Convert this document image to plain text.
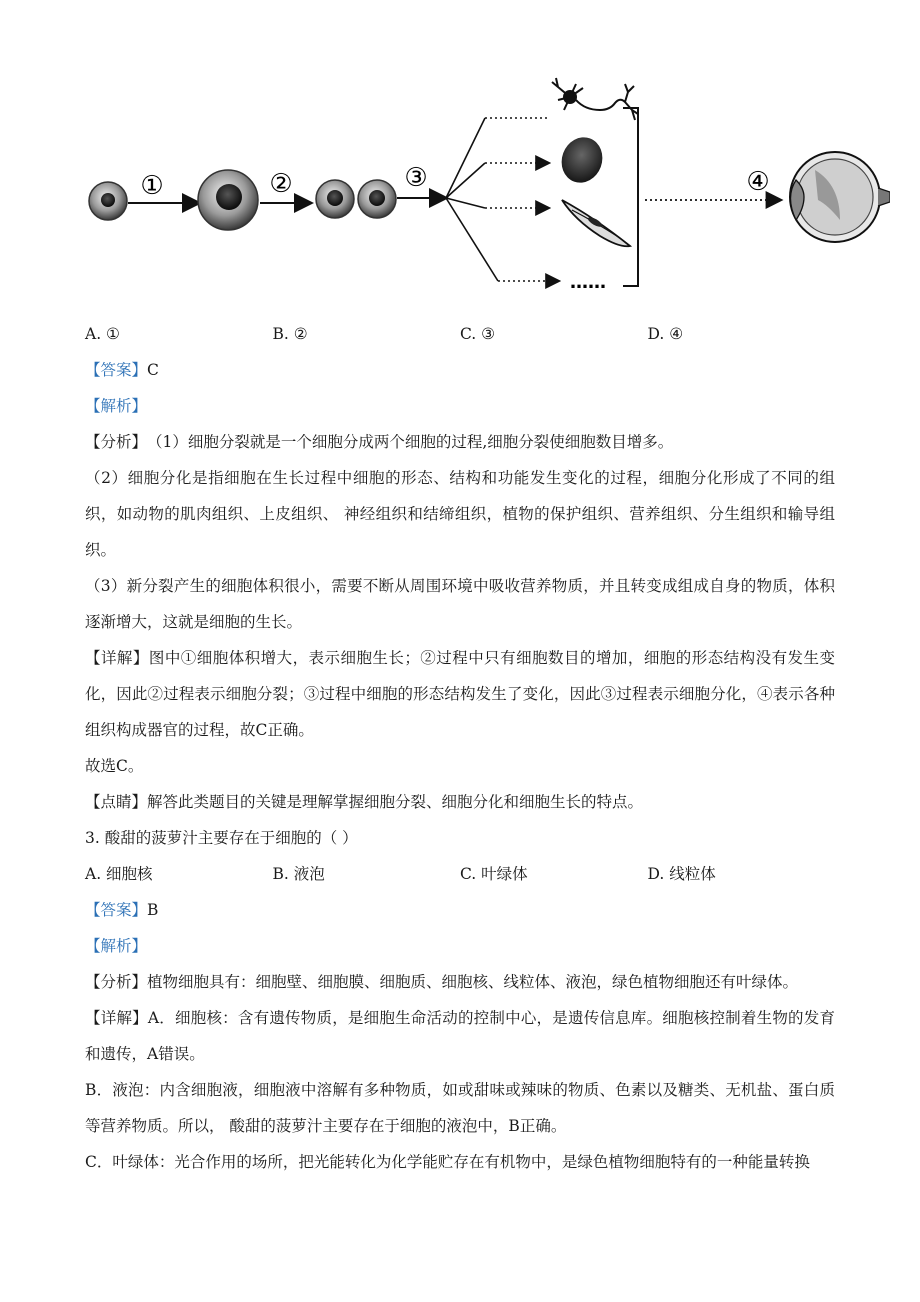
①	②	③
……
④
A. ①	B. ②	C. ③	D. ④
【答案】 C
【解析】
【分析】 （1）细胞分裂就是一个细胞分成两个细胞的过程,细胞分裂使细胞数目增多。

（2）细胞分化是指细胞在生长过程中细胞的形态、结构和功能发生变化的过程，细胞分化形成了不同的组织，如动物的肌肉组织、上皮组织、 神经组织和结缔组织，植物的保护组织、营养组织、分生组织和输导组织。

（3）新分裂产生的细胞体积很小，需要不断从周围环境中吸收营养物质，并且转变成组成自身的物质，体积逐渐增大，这就是细胞的生长。

【详解】图中①细胞体积增大，表示细胞生长；②过程中只有细胞数目的增加，细胞的形态结构没有发生变化，因此②过程表示细胞分裂；③过程中细胞的形态结构发生了变化，因此③过程表示细胞分化，④表示各种组织构成器官的过程，故C正确。

故选C。
【点睛】 解答此类题目的关键是理解掌握细胞分裂、细胞分化和细胞生长的特点。
3. 酸甜的菠萝汁主要存在于细胞的（ ）
A. 细胞核	B. 液泡	C. 叶绿体	D. 线粒体
【答案】 B
【解析】
【分析】 植物细胞具有：细胞壁、细胞膜、细胞质、细胞核、线粒体、液泡，绿色植物细胞还有叶绿体。

【详解】A．细胞核：含有遗传物质，是细胞生命活动的控制中心，是遗传信息库。细胞核控制着生物的发育和遗传，A错误。

B．液泡：内含细胞液，细胞液中溶解有多种物质，如或甜味或辣味的物质、色素以及糖类、无机盐、蛋白质等营养物质。所以， 酸甜的菠萝汁主要存在于细胞的液泡中，B正确。

C．叶绿体：光合作用的场所，把光能转化为化学能贮存在有机物中，是绿色植物细胞特有的一种能量转换
